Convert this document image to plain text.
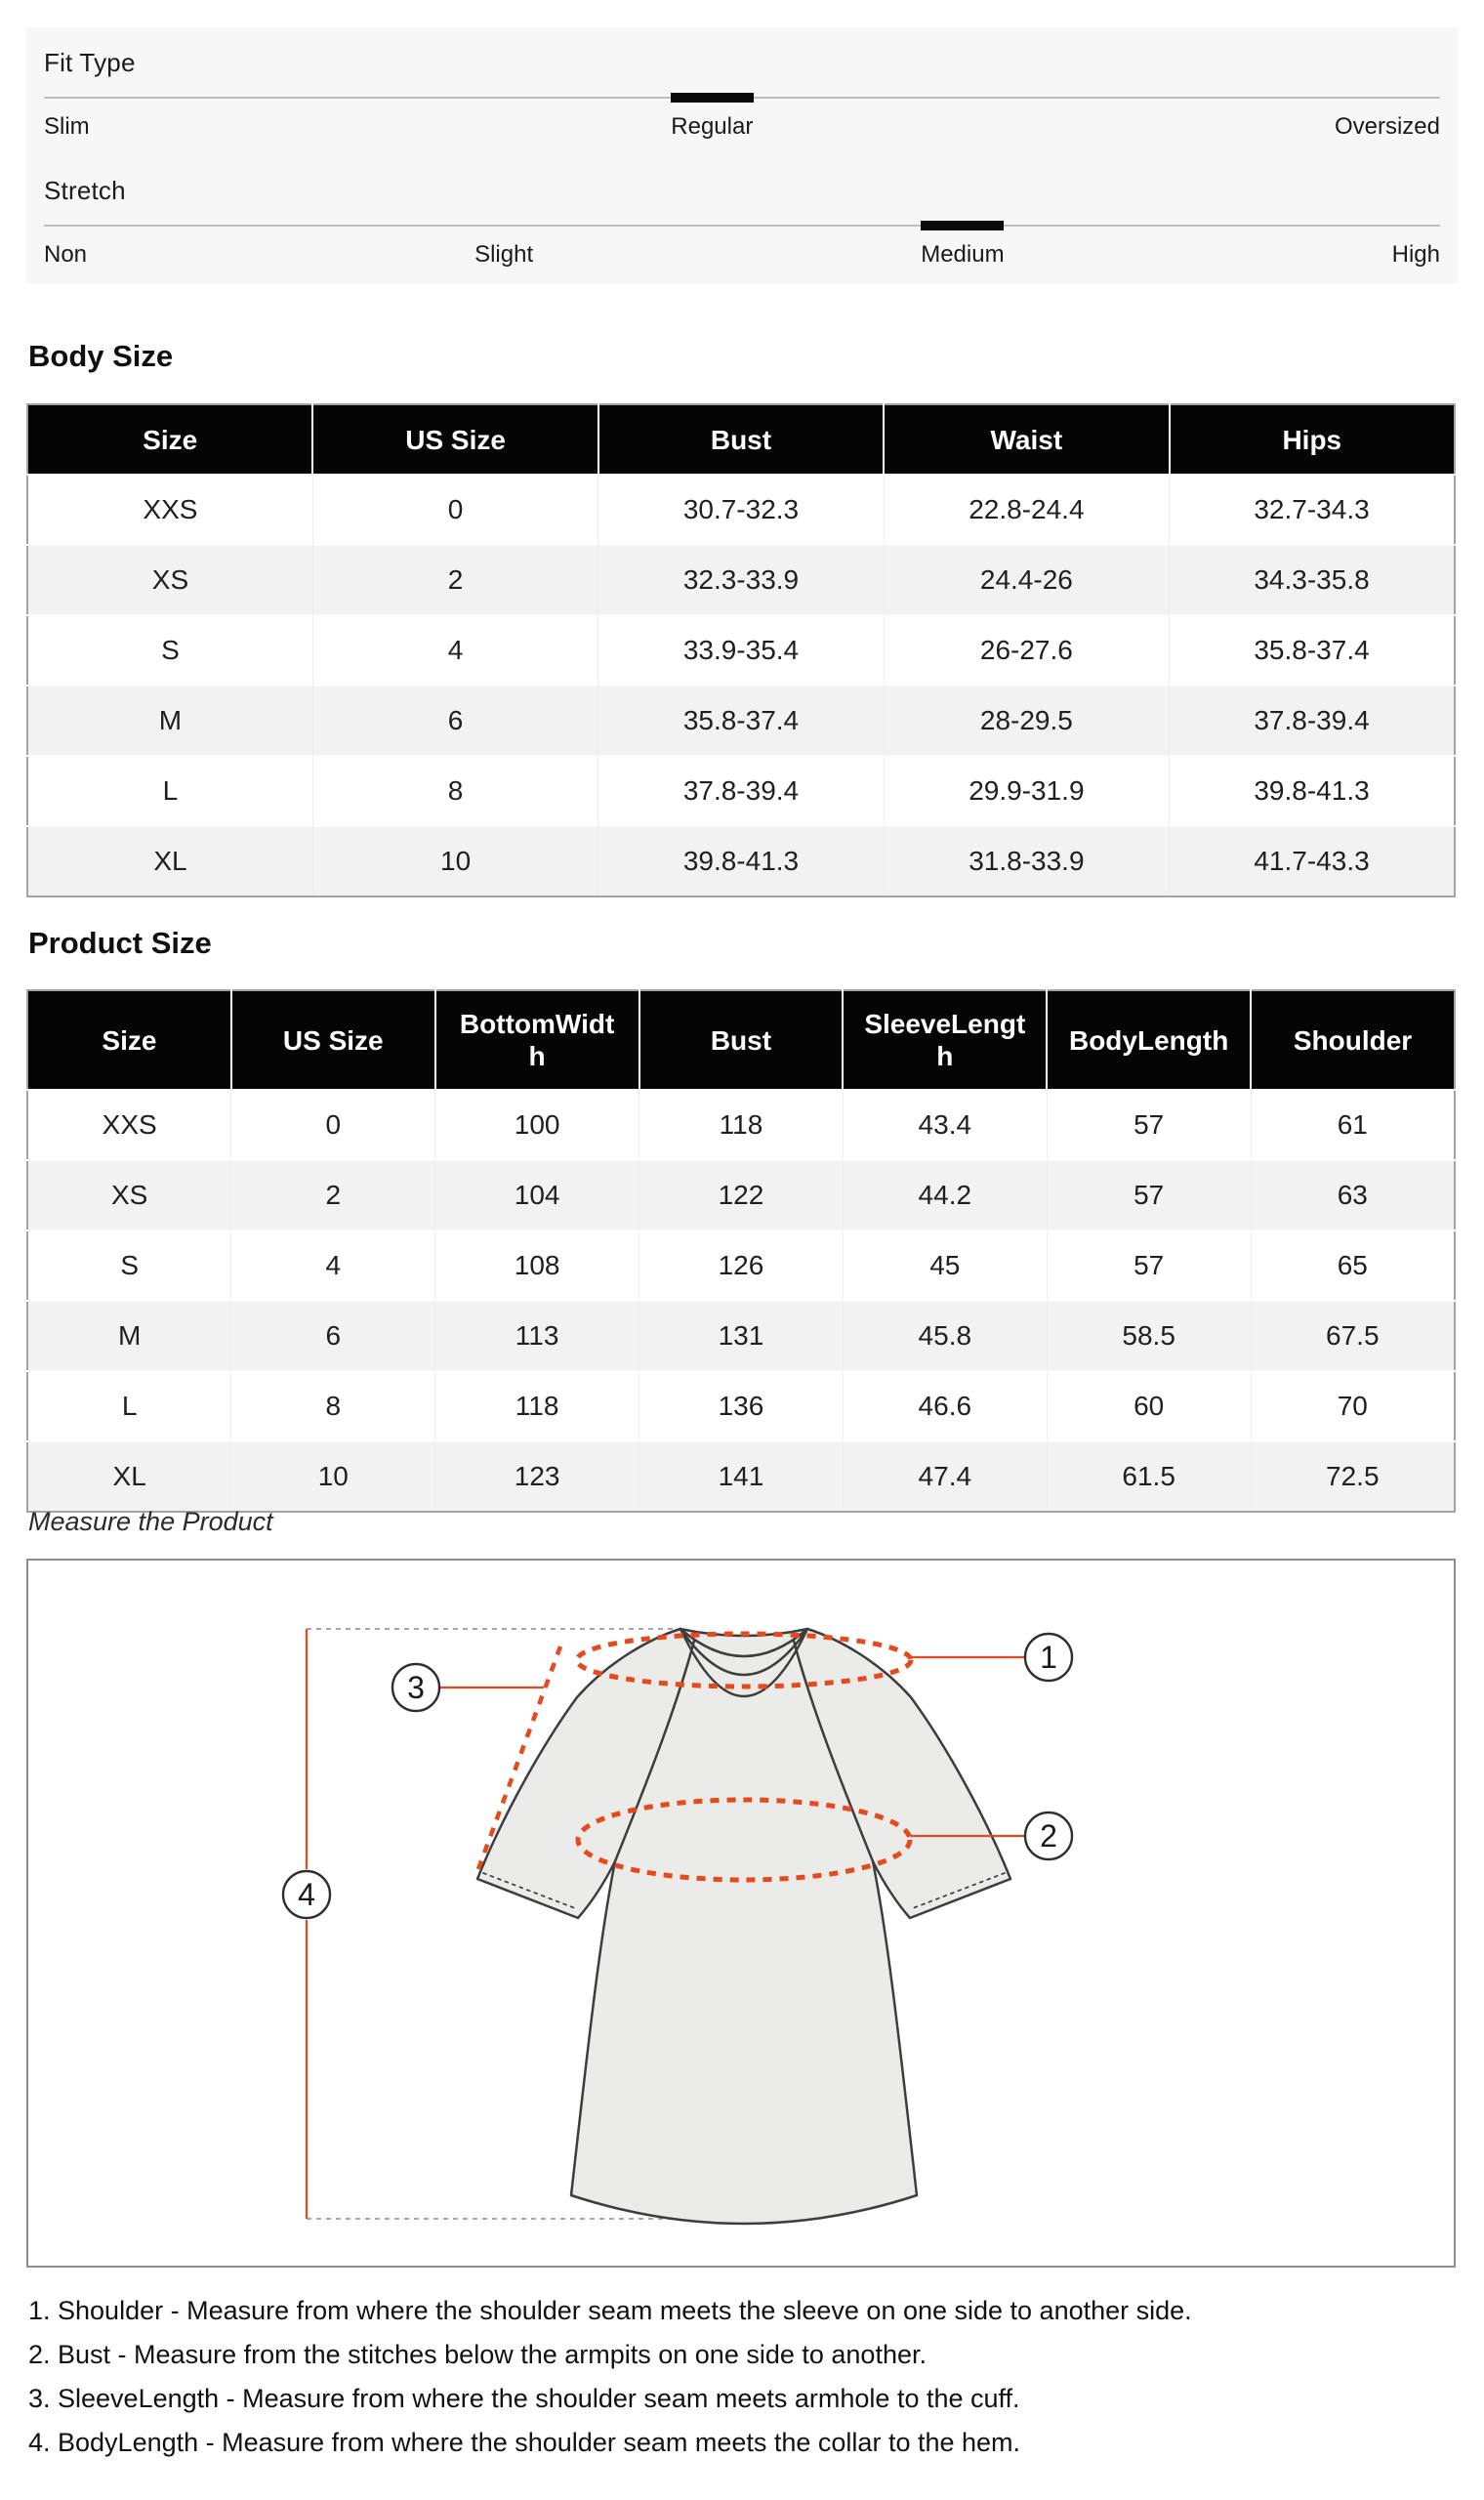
Fit Type

Slim	Regular	Oversized

Stretch

Non	Slight	Medium	High
Body Size
Size	US Size	Bust	Waist	Hips
XXS	0	30.7-32.3	22.8-24.4	32.7-34.3
XS	2	32.3-33.9	24.4-26	34.3-35.8
S	4	33.9-35.4	26-27.6	35.8-37.4
M	6	35.8-37.4	28-29.5	37.8-39.4
L	8	37.8-39.4	29.9-31.9	39.8-41.3
XL	10	39.8-41.3	31.8-33.9	41.7-43.3
Product Size
Size	US Size	BottomWidth	Bust	SleeveLength	BodyLength	Shoulder
XXS	0	100	118	43.4	57	61
XS	2	104	122	44.2	57	63
S	4	108	126	45	57	65
M	6	113	131	45.8	58.5	67.5
L	8	118	136	46.6	60	70
XL	10	123	141	47.4	61.5	72.5

Measure the Product

1
2
3
4
1. Shoulder - Measure from where the shoulder seam meets the sleeve on one side to another side.
2. Bust - Measure from the stitches below the armpits on one side to another.
3. SleeveLength - Measure from where the shoulder seam meets armhole to the cuff.
4. BodyLength - Measure from where the shoulder seam meets the collar to the hem.
